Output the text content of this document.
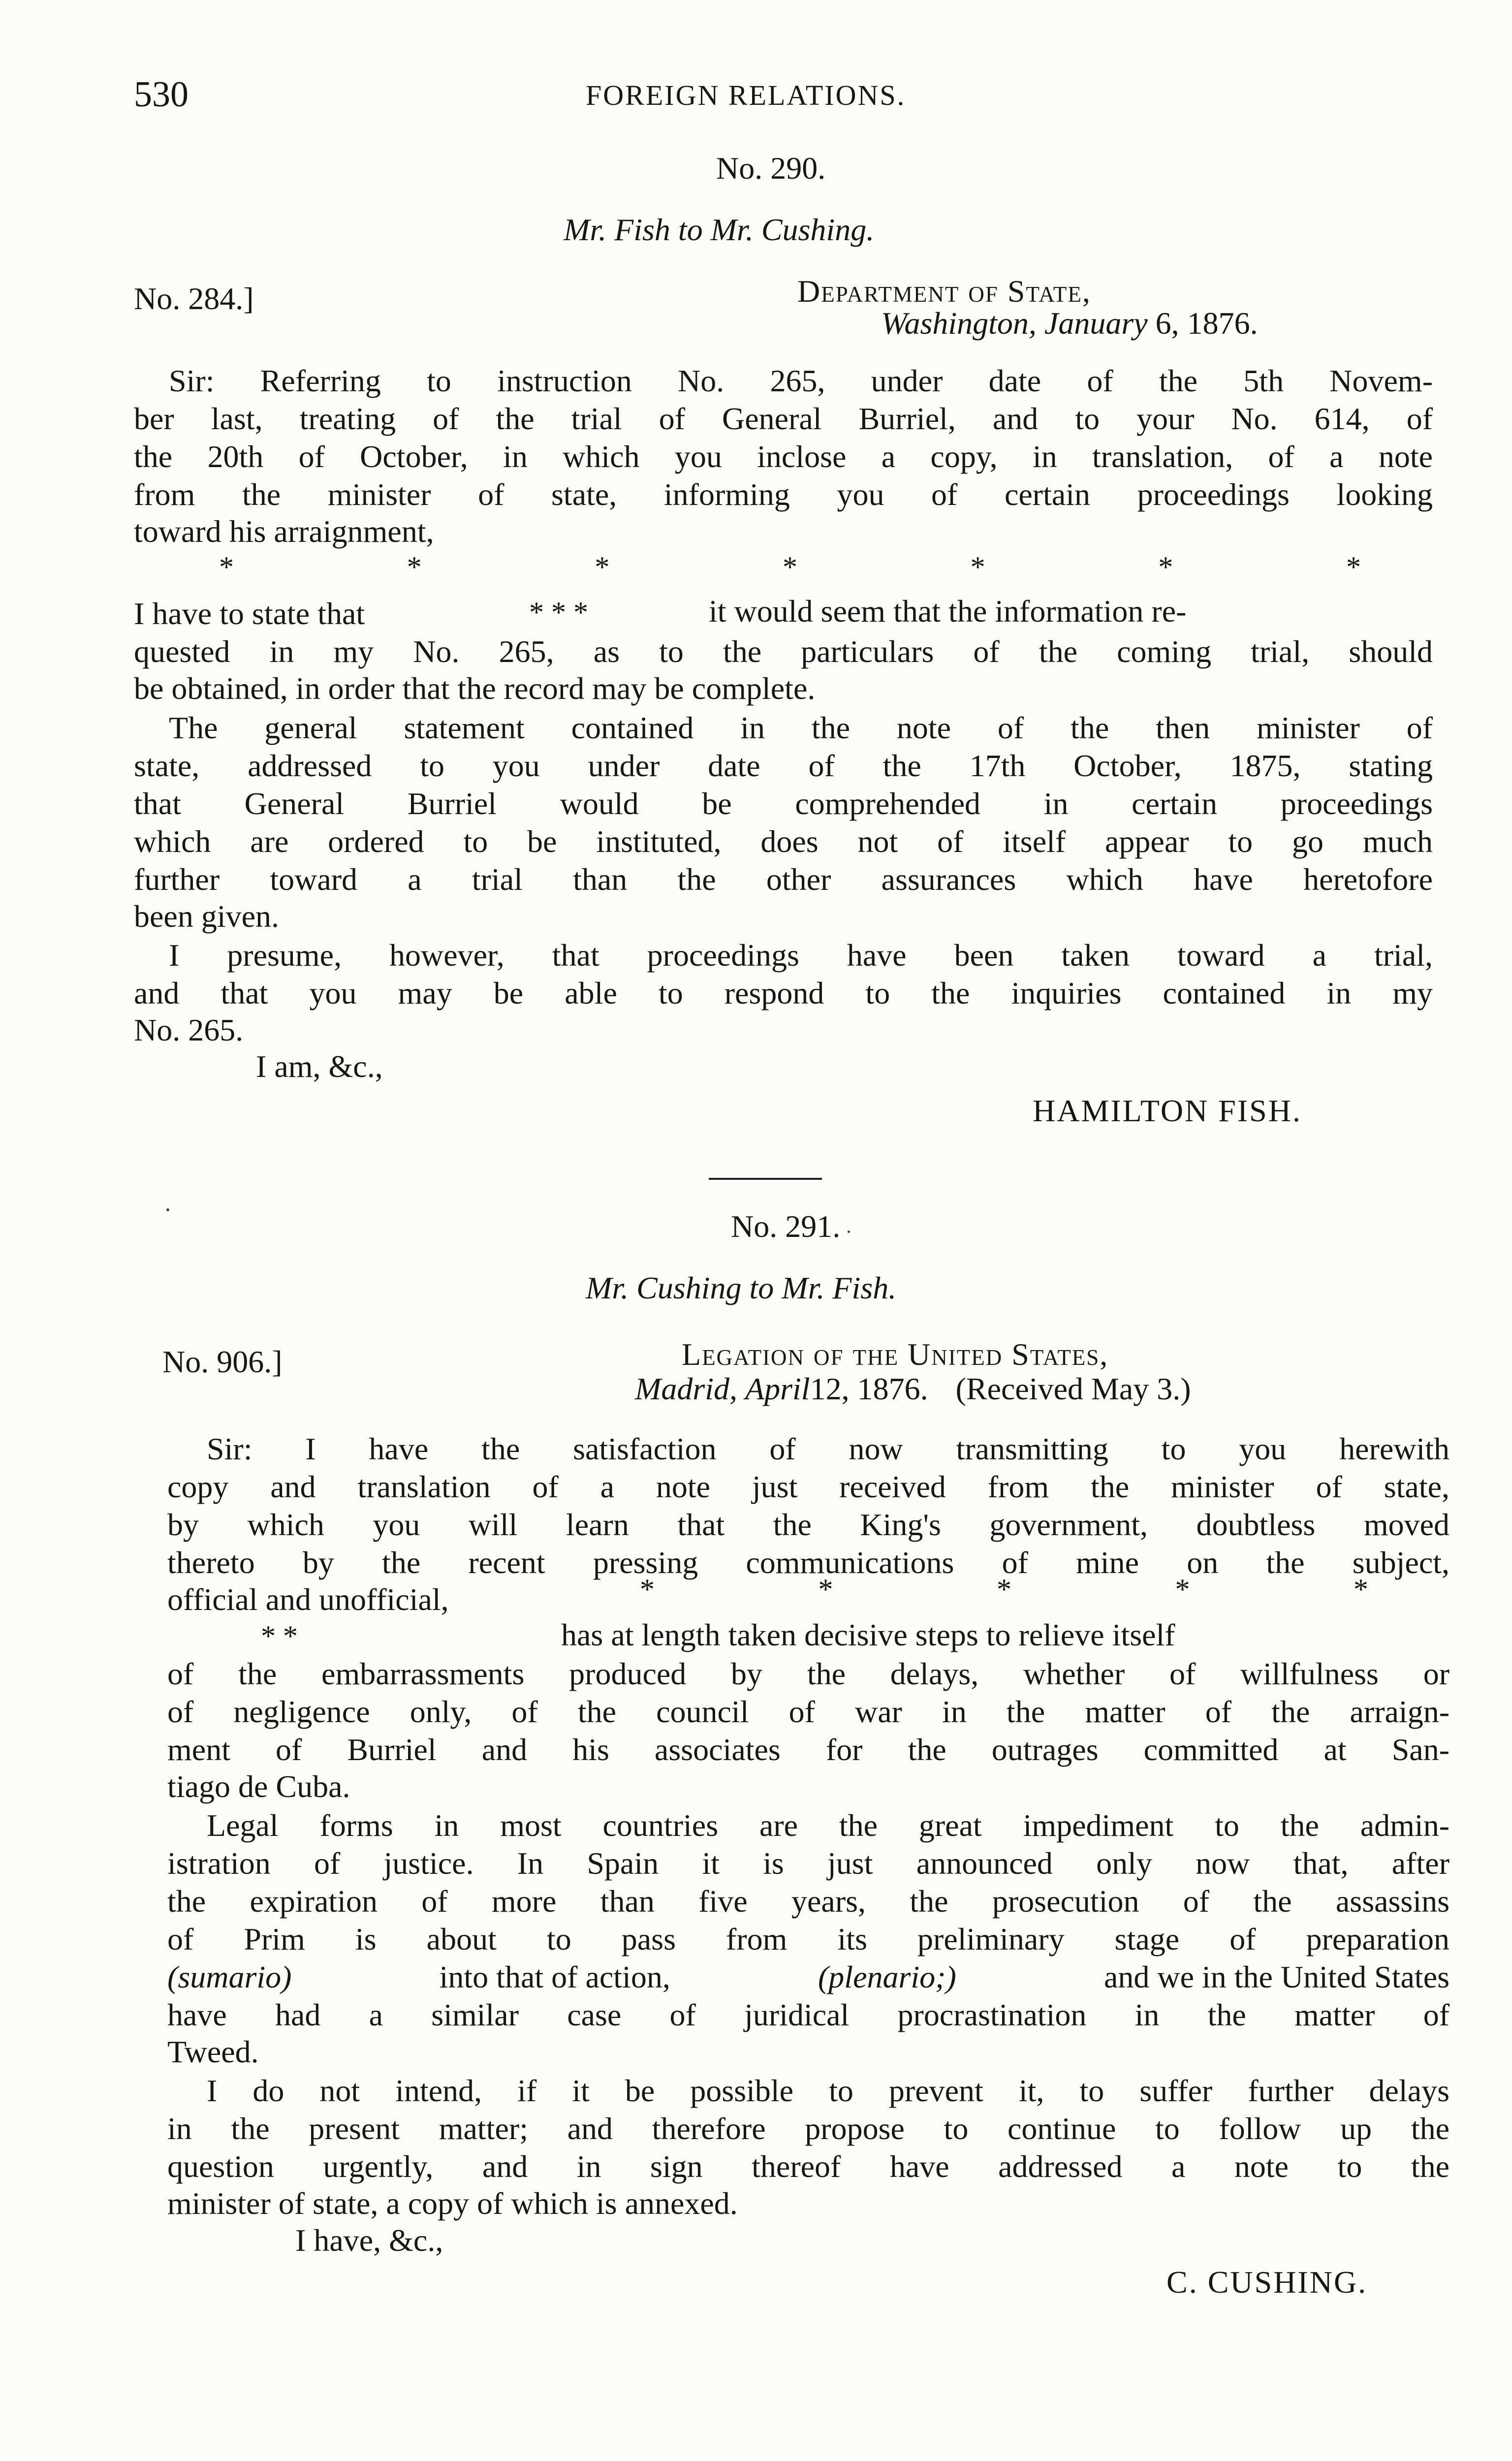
530	FOREIGN RELATIONS.
No. 290.
Mr. Fish to Mr. Cushing.
No. 284.]	Department of State,
Washington, January 6, 1876.
Sir: Referring to instruction No. 265, under date of the 5th Novem-
ber last, treating of the trial of General Burriel, and to your No. 614, of
the 20th of October, in which you inclose a copy, in translation, of a note
from the minister of state, informing you of certain proceedings looking
toward his arraignment,
* * * * * * *
I have to state that	* * *	it would seem that the information re-
quested in my No. 265, as to the particulars of the coming trial, should
be obtained, in order that the record may be complete.
The general statement contained in the note of the then minister of
state, addressed to you under date of the 17th October, 1875, stating
that General Burriel would be comprehended in certain proceedings
which are ordered to be instituted, does not of itself appear to go much
further toward a trial than the other assurances which have heretofore
been given.
I presume, however, that proceedings have been taken toward a trial,
and that you may be able to respond to the inquiries contained in my
No. 265.
I am, &c.,
HAMILTON FISH.
No. 291.
Mr. Cushing to Mr. Fish.
No. 906.]	Legation of the United States,
Madrid, April12, 1876. (Received May 3.)
Sir: I have the satisfaction of now transmitting to you herewith
copy and translation of a note just received from the minister of state,
by which you will learn that the King's government, doubtless moved
thereto by the recent pressing communications of mine on the subject,
official and unofficial,	* * * * *
* *	has at length taken decisive steps to relieve itself
of the embarrassments produced by the delays, whether of willfulness or
of negligence only, of the council of war in the matter of the arraign-
ment of Burriel and his associates for the outrages committed at San-
tiago de Cuba.
Legal forms in most countries are the great impediment to the admin-
istration of justice. In Spain it is just announced only now that, after
the expiration of more than five years, the prosecution of the assassins
of Prim is about to pass from its preliminary stage of preparation
(sumario)	into that of action,	(plenario;)	and we in the United States
have had a similar case of juridical procrastination in the matter of
Tweed.
I do not intend, if it be possible to prevent it, to suffer further delays
in the present matter; and therefore propose to continue to follow up the
question urgently, and in sign thereof have addressed a note to the
minister of state, a copy of which is annexed.
I have, &c.,
C. CUSHING.
